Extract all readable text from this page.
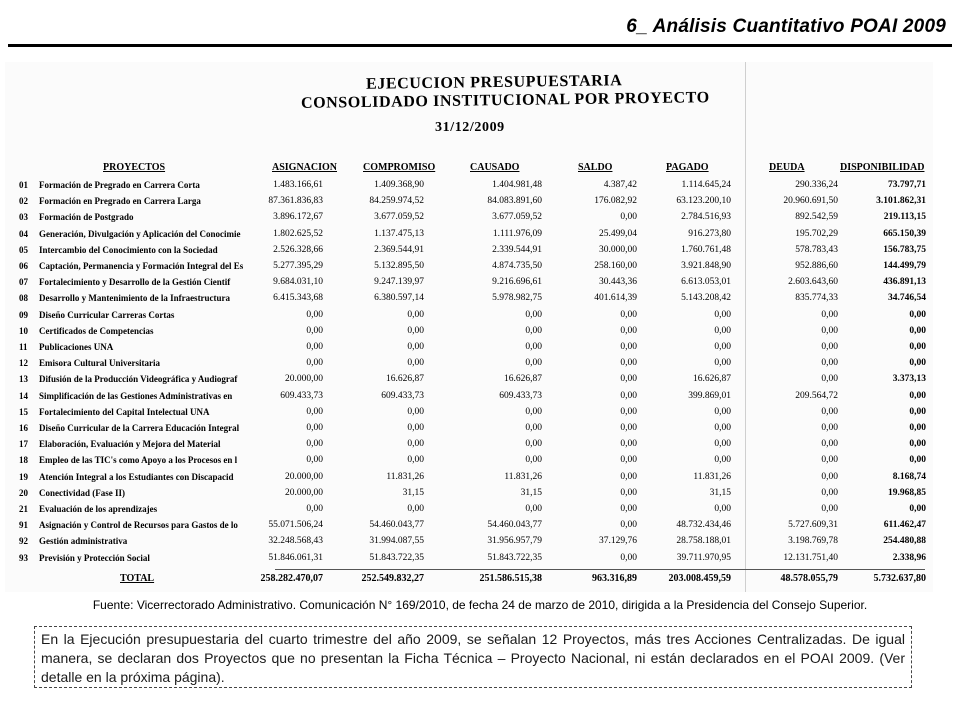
6_ Análisis Cuantitativo POAI 2009
EJECUCION PRESUPUESTARIA
CONSOLIDADO INSTITUCIONAL POR PROYECTO
31/12/2009
PROYECTOS	ASIGNACION	COMPROMISO	CAUSADO	SALDO	PAGADO	DEUDA	DISPONIBILIDAD
01 Formación de Pregrado en Carrera Corta	1.483.166,61	1.409.368,90	1.404.981,48	4.387,42	1.114.645,24	290.336,24	73.797,71
02 Formación en Pregrado en Carrera Larga	87.361.836,83	84.259.974,52	84.083.891,60	176.082,92	63.123.200,10	20.960.691,50	3.101.862,31
03 Formación de Postgrado	3.896.172,67	3.677.059,52	3.677.059,52	0,00	2.784.516,93	892.542,59	219.113,15
04 Generación, Divulgación y Aplicación del Conocimie	1.802.625,52	1.137.475,13	1.111.976,09	25.499,04	916.273,80	195.702,29	665.150,39
05 Intercambio del Conocimiento con la Sociedad	2.526.328,66	2.369.544,91	2.339.544,91	30.000,00	1.760.761,48	578.783,43	156.783,75
06 Captación, Permanencia y Formación Integral del Es	5.277.395,29	5.132.895,50	4.874.735,50	258.160,00	3.921.848,90	952.886,60	144.499,79
07 Fortalecimiento y Desarrollo de la Gestión Cientif	9.684.031,10	9.247.139,97	9.216.696,61	30.443,36	6.613.053,01	2.603.643,60	436.891,13
08 Desarrollo y Mantenimiento de la Infraestructura	6.415.343,68	6.380.597,14	5.978.982,75	401.614,39	5.143.208,42	835.774,33	34.746,54
09 Diseño Curricular Carreras Cortas	0,00	0,00	0,00	0,00	0,00	0,00	0,00
10 Certificados de Competencias	0,00	0,00	0,00	0,00	0,00	0,00	0,00
11 Publicaciones UNA	0,00	0,00	0,00	0,00	0,00	0,00	0,00
12 Emisora Cultural Universitaria	0,00	0,00	0,00	0,00	0,00	0,00	0,00
13 Difusión de la Producción Videográfica y Audiograf	20.000,00	16.626,87	16.626,87	0,00	16.626,87	0,00	3.373,13
14 Simplificación de las Gestiones Administrativas en	609.433,73	609.433,73	609.433,73	0,00	399.869,01	209.564,72	0,00
15 Fortalecimiento del Capital Intelectual UNA	0,00	0,00	0,00	0,00	0,00	0,00	0,00
16 Diseño Curricular de la Carrera Educación Integral	0,00	0,00	0,00	0,00	0,00	0,00	0,00
17 Elaboración, Evaluación y Mejora del Material	0,00	0,00	0,00	0,00	0,00	0,00	0,00
18 Empleo de las TIC's como Apoyo a los Procesos en l	0,00	0,00	0,00	0,00	0,00	0,00	0,00
19 Atención Integral a los Estudiantes con Discapacid	20.000,00	11.831,26	11.831,26	0,00	11.831,26	0,00	8.168,74
20 Conectividad (Fase II)	20.000,00	31,15	31,15	0,00	31,15	0,00	19.968,85
21 Evaluación de los aprendizajes	0,00	0,00	0,00	0,00	0,00	0,00	0,00
91 Asignación y Control de Recursos para Gastos de lo	55.071.506,24	54.460.043,77	54.460.043,77	0,00	48.732.434,46	5.727.609,31	611.462,47
92 Gestión administrativa	32.248.568,43	31.994.087,55	31.956.957,79	37.129,76	28.758.188,01	3.198.769,78	254.480,88
93 Previsión y Protección Social	51.846.061,31	51.843.722,35	51.843.722,35	0,00	39.711.970,95	12.131.751,40	2.338,96
TOTAL	258.282.470,07	252.549.832,27	251.586.515,38	963.316,89	203.008.459,59	48.578.055,79	5.732.637,80
Fuente: Vicerrectorado Administrativo. Comunicación N° 169/2010, de fecha 24 de marzo de 2010, dirigida a la Presidencia del Consejo Superior.
En la Ejecución presupuestaria del cuarto trimestre del año 2009, se señalan 12 Proyectos, más tres Acciones Centralizadas. De igual manera, se declaran dos Proyectos que no presentan la Ficha Técnica – Proyecto Nacional, ni están declarados en el POAI 2009. (Ver detalle en la próxima página).
